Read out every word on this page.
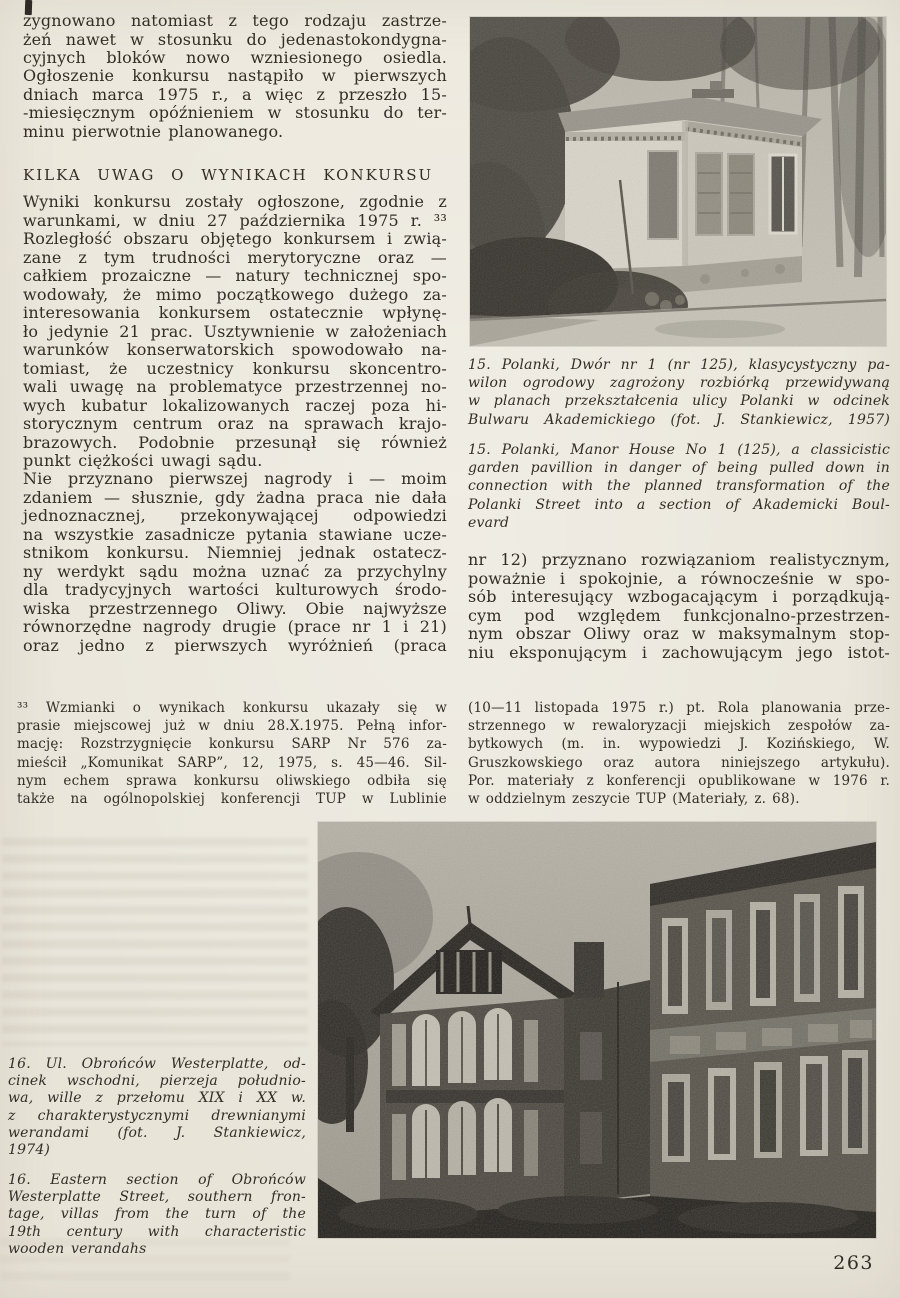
zygnowano natomiast z tego rodzaju zastrze-
żeń nawet w stosunku do jedenastokondygna-
cyjnych bloków nowo wzniesionego osiedla.
Ogłoszenie konkursu nastąpiło w pierwszych
dniach marca 1975 r., a więc z przeszło 15-
-miesięcznym opóźnieniem w stosunku do ter-
minu pierwotnie planowanego.
KILKA UWAG O WYNIKACH KONKURSU
Wyniki konkursu zostały ogłoszone, zgodnie z
warunkami, w dniu 27 października 1975 r. ³³
Rozległość obszaru objętego konkursem i zwią-
zane z tym trudności merytoryczne oraz —
całkiem prozaiczne — natury technicznej spo-
wodowały, że mimo początkowego dużego za-
interesowania konkursem ostatecznie wpłynę-
ło jedynie 21 prac. Usztywnienie w założeniach
warunków konserwatorskich spowodowało na-
tomiast, że uczestnicy konkursu skoncentro-
wali uwagę na problematyce przestrzennej no-
wych kubatur lokalizowanych raczej poza hi-
storycznym centrum oraz na sprawach krajo-
brazowych. Podobnie przesunął się również
punkt ciężkości uwagi sądu.
Nie przyznano pierwszej nagrody i — moim
zdaniem — słusznie, gdy żadna praca nie dała
jednoznacznej, przekonywającej odpowiedzi
na wszystkie zasadnicze pytania stawiane ucze-
stnikom konkursu. Niemniej jednak ostatecz-
ny werdykt sądu można uznać za przychylny
dla tradycyjnych wartości kulturowych środo-
wiska przestrzennego Oliwy. Obie najwyższe
równorzędne nagrody drugie (prace nr 1 i 21)
oraz jedno z pierwszych wyróżnień (praca
³³ Wzmianki o wynikach konkursu ukazały się w
prasie miejscowej już w dniu 28.X.1975. Pełną infor-
mację: Rozstrzygnięcie konkursu SARP Nr 576 za-
mieścił „Komunikat SARP”, 12, 1975, s. 45—46. Sil-
nym echem sprawa konkursu oliwskiego odbiła się
także na ogólnopolskiej konferencji TUP w Lublinie
15. Polanki, Dwór nr 1 (nr 125), klasycystyczny pa-
wilon ogrodowy zagrożony rozbiórką przewidywaną
w planach przekształcenia ulicy Polanki w odcinek
Bulwaru Akademickiego (fot. J. Stankiewicz, 1957)
15. Polanki, Manor House No 1 (125), a classicistic
garden pavillion in danger of being pulled down in
connection with the planned transformation of the
Polanki Street into a section of Akademicki Boul-
evard
nr 12) przyznano rozwiązaniom realistycznym,
poważnie i spokojnie, a równocześnie w spo-
sób interesujący wzbogacającym i porządkują-
cym pod względem funkcjonalno-przestrzen-
nym obszar Oliwy oraz w maksymalnym stop-
niu eksponującym i zachowującym jego istot-
(10—11 listopada 1975 r.) pt. Rola planowania prze-
strzennego w rewaloryzacji miejskich zespołów za-
bytkowych (m. in. wypowiedzi J. Kozińskiego, W.
Gruszkowskiego oraz autora niniejszego artykułu).
Por. materiały z konferencji opublikowane w 1976 r.
w oddzielnym zeszycie TUP (Materiały, z. 68).
16. Ul. Obrońców Westerplatte, od-
cinek wschodni, pierzeja południo-
wa, wille z przełomu XIX i XX w.
z charakterystycznymi drewnianymi
werandami (fot. J. Stankiewicz,
1974)
16. Eastern section of Obrońców
Westerplatte Street, southern fron-
tage, villas from the turn of the
19th century with characteristic
wooden verandahs
263
